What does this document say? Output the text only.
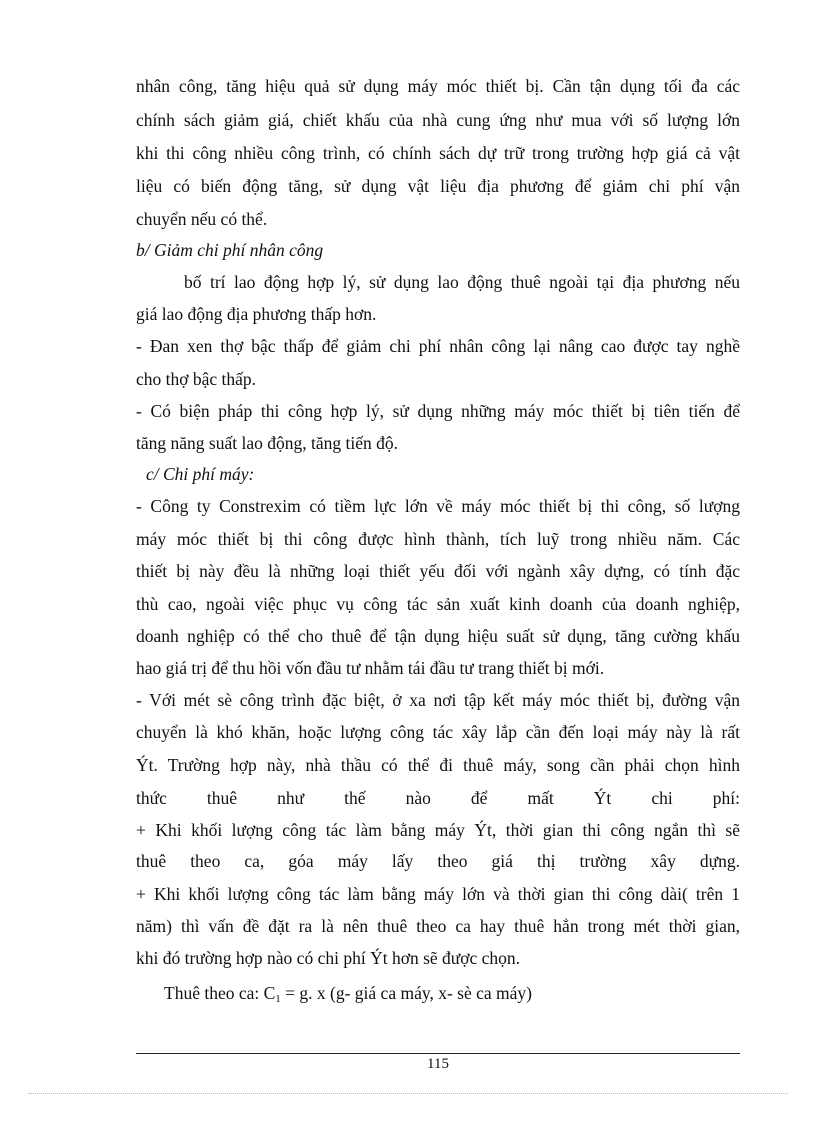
nhân công, tăng hiệu quả sử dụng máy móc thiết bị. Cần tận dụng tối đa các
chính sách giảm giá, chiết khấu của nhà cung ứng như mua với số lượng lớn
khi thi công nhiều công trình, có chính sách dự trữ trong trường hợp giá cả vật
liệu có biến động tăng, sử dụng vật liệu địa phương để giảm chi phí vận
chuyển nếu có thể.
b/ Giảm chi phí nhân công
bố trí lao động hợp lý, sử dụng lao động thuê ngoài tại địa phương nếu
giá lao động địa phương thấp hơn.
- Đan xen thợ bậc thấp để giảm chi phí nhân công lại nâng cao được tay nghề
cho thợ bậc thấp.
- Có biện pháp thi công hợp lý, sử dụng những máy móc thiết bị tiên tiến để
tăng năng suất lao động, tăng tiến độ.
c/ Chi phí máy:
- Công ty Constrexim có tiềm lực lớn về máy móc thiết bị thi công, số lượng
máy móc thiết bị thi công được hình thành, tích luỹ trong nhiều năm. Các
thiết bị này đều là những loại thiết yếu đối với ngành xây dựng, có tính đặc
thù cao, ngoài việc phục vụ công tác sản xuất kinh doanh của doanh nghiệp,
doanh nghiệp có thể cho thuê để tận dụng hiệu suất sử dụng, tăng cường khấu
hao giá trị để thu hồi vốn đầu tư nhằm tái đầu tư trang thiết bị mới.
- Với mét sè công trình đặc biệt, ở xa nơi tập kết máy móc thiết bị, đường vận
chuyển là khó khăn, hoặc lượng công tác xây lắp cần đến loại máy này là rất
Ýt. Trường hợp này, nhà thầu có thể đi thuê máy, song cần phải chọn hình
thức thuê như thế nào để mất Ýt chi phí:
+ Khi khối lượng công tác làm bằng máy Ýt, thời gian thi công ngắn thì sẽ
thuê theo ca, góa máy lấy theo giá thị trường xây dựng.
+ Khi khối lượng công tác làm bằng máy lớn và thời gian thi công dài( trên 1
năm) thì vấn đề đặt ra là nên thuê theo ca hay thuê hẳn trong mét thời gian,
khi đó trường hợp nào có chi phí Ýt hơn sẽ được chọn.
Thuê theo ca: $C_1 = g$. x (g- giá ca máy, x- sè ca máy)
115
